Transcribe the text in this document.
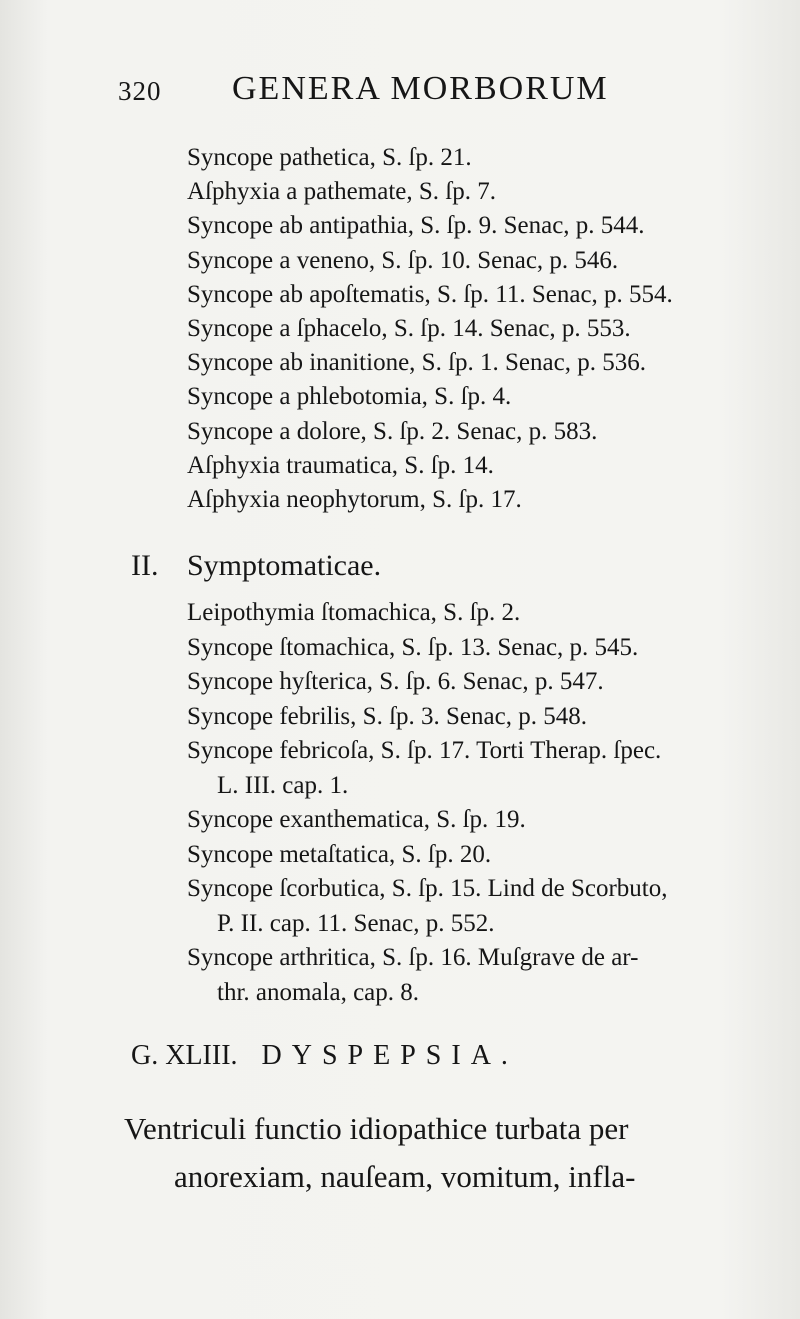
320 GENERA MORBORUM
Syncope pathetica, S. ſp. 21.
Aſphyxia a pathemate, S. ſp. 7.
Syncope ab antipathia, S. ſp. 9. Senac, p. 544.
Syncope a veneno, S. ſp. 10. Senac, p. 546.
Syncope ab apoſtematis, S. ſp. 11. Senac, p. 554.
Syncope a ſphacelo, S. ſp. 14. Senac, p. 553.
Syncope ab inanitione, S. ſp. 1. Senac, p. 536.
Syncope a phlebotomia, S. ſp. 4.
Syncope a dolore, S. ſp. 2. Senac, p. 583.
Aſphyxia traumatica, S. ſp. 14.
Aſphyxia neophytorum, S. ſp. 17.
II. Symptomaticae.
Leipothymia ſtomachica, S. ſp. 2.
Syncope ſtomachica, S. ſp. 13. Senac, p. 545.
Syncope hyſterica, S. ſp. 6. Senac, p. 547.
Syncope febrilis, S. ſp. 3. Senac, p. 548.
Syncope febricoſa, S. ſp. 17. Torti Therap. ſpec.
L. III. cap. 1.
Syncope exanthematica, S. ſp. 19.
Syncope metaſtatica, S. ſp. 20.
Syncope ſcorbutica, S. ſp. 15. Lind de Scorbuto,
P. II. cap. 11. Senac, p. 552.
Syncope arthritica, S. ſp. 16. Muſgrave de ar-
thr. anomala, cap. 8.
G. XLIII. DYSPEPSIA.
Ventriculi functio idiopathice turbata per
anorexiam, nauſeam, vomitum, infla-
